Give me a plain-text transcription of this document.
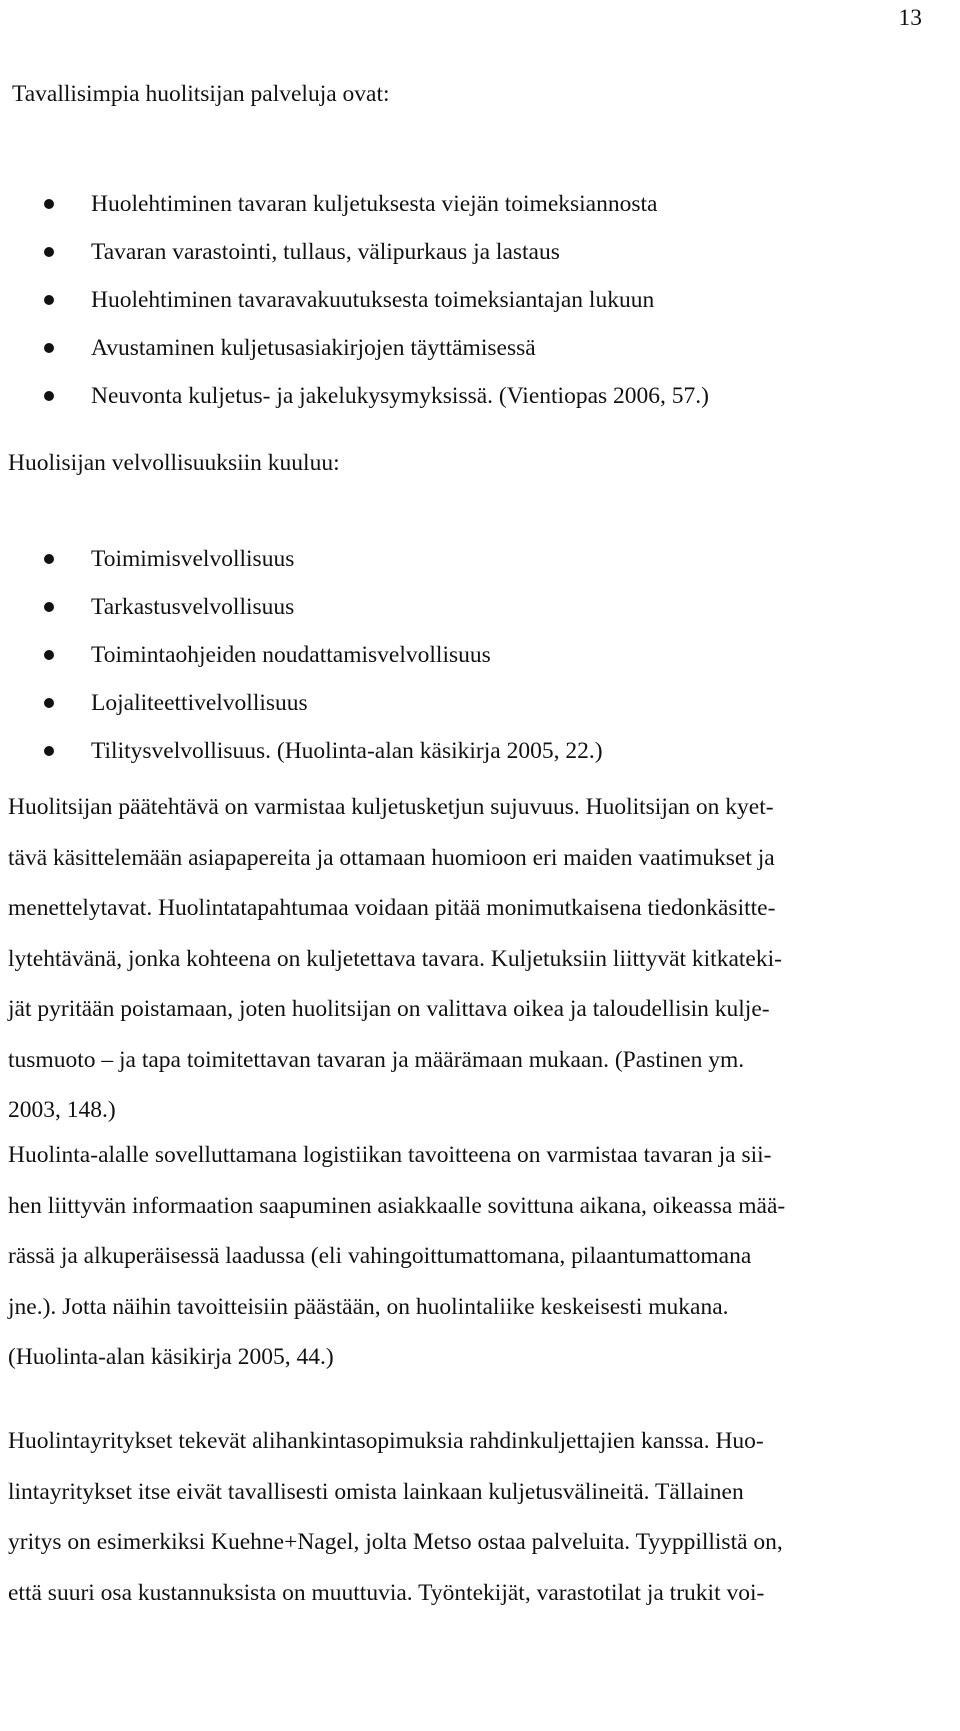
13

Tavallisimpia huolitsijan palveluja ovat:

Huolehtiminen tavaran kuljetuksesta viejän toimeksiannosta
Tavaran varastointi, tullaus, välipurkaus ja lastaus
Huolehtiminen tavaravakuutuksesta toimeksiantajan lukuun
Avustaminen kuljetusasiakirjojen täyttämisessä
Neuvonta kuljetus- ja jakelukysymyksissä. (Vientiopas 2006, 57.)

Huolisijan velvollisuuksiin kuuluu:

Toimimisvelvollisuus
Tarkastusvelvollisuus
Toimintaohjeiden noudattamisvelvollisuus
Lojaliteettivelvollisuus
Tilitysvelvollisuus. (Huolinta-alan käsikirja 2005, 22.)
Huolitsijan päätehtävä on varmistaa kuljetusketjun sujuvuus. Huolitsijan on kyet-
tävä käsittelemään asiapapereita ja ottamaan huomioon eri maiden vaatimukset ja
menettelytavat. Huolintatapahtumaa voidaan pitää monimutkaisena tiedonkäsitte-
lytehtävänä, jonka kohteena on kuljetettava tavara. Kuljetuksiin liittyvät kitkateki-
jät pyritään poistamaan, joten huolitsijan on valittava oikea ja taloudellisin kulje-
tusmuoto – ja tapa toimitettavan tavaran ja määrämaan mukaan. (Pastinen ym.
2003, 148.)
Huolinta-alalle sovelluttamana logistiikan tavoitteena on varmistaa tavaran ja sii-
hen liittyvän informaation saapuminen asiakkaalle sovittuna aikana, oikeassa mää-
rässä ja alkuperäisessä laadussa (eli vahingoittumattomana, pilaantumattomana
jne.). Jotta näihin tavoitteisiin päästään, on huolintaliike keskeisesti mukana.
(Huolinta-alan käsikirja 2005, 44.)
Huolintayritykset tekevät alihankintasopimuksia rahdinkuljettajien kanssa. Huo-
lintayritykset itse eivät tavallisesti omista lainkaan kuljetusvälineitä. Tällainen
yritys on esimerkiksi Kuehne+Nagel, jolta Metso ostaa palveluita. Tyyppillistä on,
että suuri osa kustannuksista on muuttuvia. Työntekijät, varastotilat ja trukit voi-
